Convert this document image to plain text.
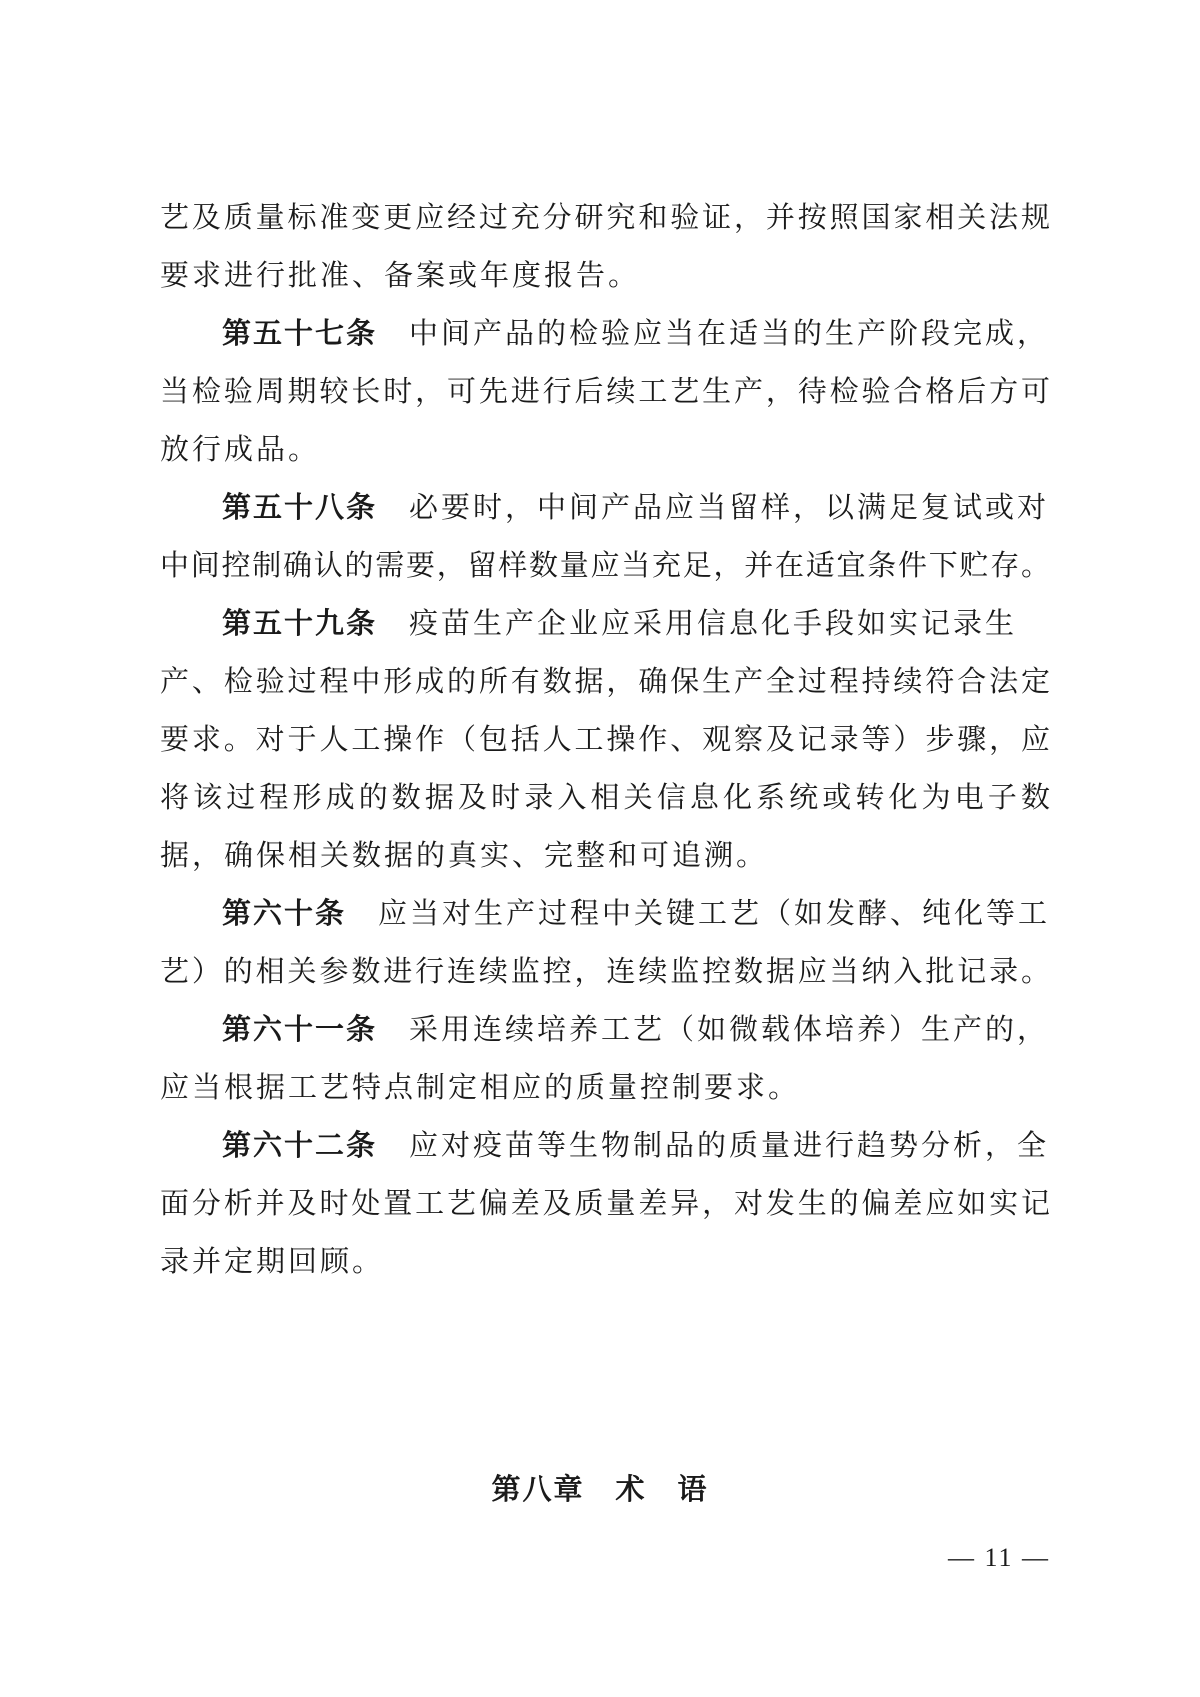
艺及质量标准变更应经过充分研究和验证，并按照国家相关法规
要求进行批准、备案或年度报告。
第五十七条　 中间产品的检验应当在适当的生产阶段完成，
当检验周期较长时，可先进行后续工艺生产，待检验合格后方可
放行成品。
第五十八条　 必要时，中间产品应当留样，以满足复试或对
中间控制确认的需要，留样数量应当充足，并在适宜条件下贮存。
第五十九条　 疫苗生产企业应采用信息化手段如实记录生
产、检验过程中形成的所有数据，确保生产全过程持续符合法定
要求。对于人工操作（包括人工操作、观察及记录等）步骤，应
将该过程形成的数据及时录入相关信息化系统或转化为电子数
据，确保相关数据的真实、完整和可追溯。
第六十条　 应当对生产过程中关键工艺（如发酵、纯化等工
艺）的相关参数进行连续监控，连续监控数据应当纳入批记录。
第六十一条　 采用连续培养工艺（如微载体培养）生产的，
应当根据工艺特点制定相应的质量控制要求。
第六十二条　 应对疫苗等生物制品的质量进行趋势分析，全
面分析并及时处置工艺偏差及质量差异，对发生的偏差应如实记
录并定期回顾。
第八章　术　语
— 11 —
